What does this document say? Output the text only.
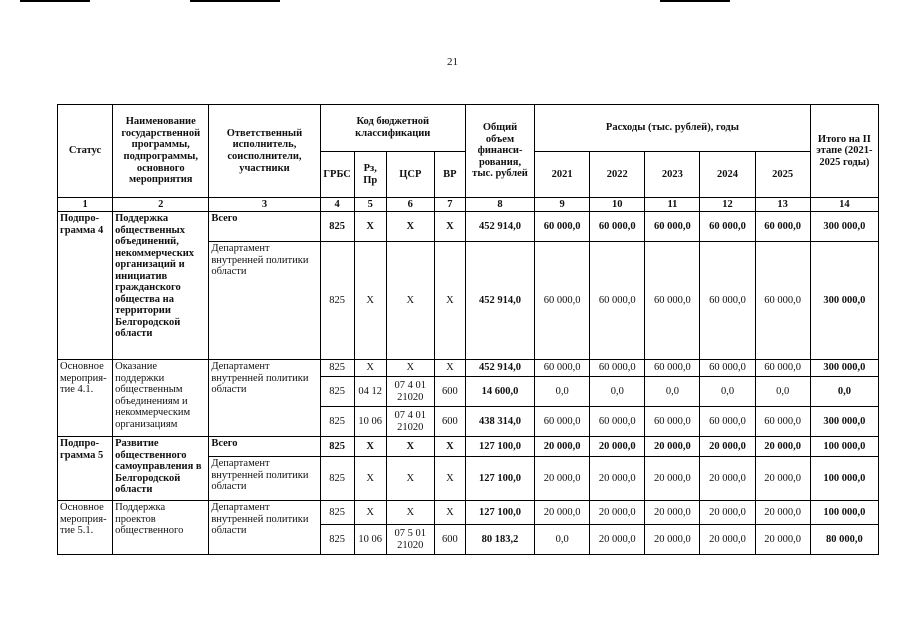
21
Статус	Наименование государственной программы, подпрограммы, основного мероприятия	Ответственный исполнитель, соисполнители, участники	Код бюджетной классификации				Общий объем финанси-рования, тыс. рублей	Расходы (тыс. рублей), годы					Итого на II этапе (2021-2025 годы)
			ГРБС	Рз, Пр	ЦСР	ВР		2021	2022	2023	2024	2025	
1	2	3	4	5	6	7	8	9	10	11	12	13	14
Подпро-грамма 4	Поддержка общественных объединений, некоммерческих организаций и инициатив гражданского общества на территории Белгородской области	Всего	825	X	X	X	452 914,0	60 000,0	60 000,0	60 000,0	60 000,0	60 000,0	300 000,0
		Департамент внутренней политики области	825	X	X	X	452 914,0	60 000,0	60 000,0	60 000,0	60 000,0	60 000,0	300 000,0
Основное мероприя-тие 4.1.	Оказание поддержки общественным объединениям и некоммерческим организациям	Департамент внутренней политики области	825	X	X	X	452 914,0	60 000,0	60 000,0	60 000,0	60 000,0	60 000,0	300 000,0
			825	04 12	07 4 01 21020	600	14 600,0	0,0	0,0	0,0	0,0	0,0	0,0
			825	10 06	07 4 01 21020	600	438 314,0	60 000,0	60 000,0	60 000,0	60 000,0	60 000,0	300 000,0
Подпро-грамма 5	Развитие общественного самоуправления в Белгородской области	Всего	825	X	X	X	127 100,0	20 000,0	20 000,0	20 000,0	20 000,0	20 000,0	100 000,0
		Департамент внутренней политики области	825	X	X	X	127 100,0	20 000,0	20 000,0	20 000,0	20 000,0	20 000,0	100 000,0
Основное мероприя-тие 5.1.	Поддержка проектов общественного	Департамент внутренней политики области	825	X	X	X	127 100,0	20 000,0	20 000,0	20 000,0	20 000,0	20 000,0	100 000,0
			825	10 06	07 5 01 21020	600	80 183,2	0,0	20 000,0	20 000,0	20 000,0	20 000,0	80 000,0
